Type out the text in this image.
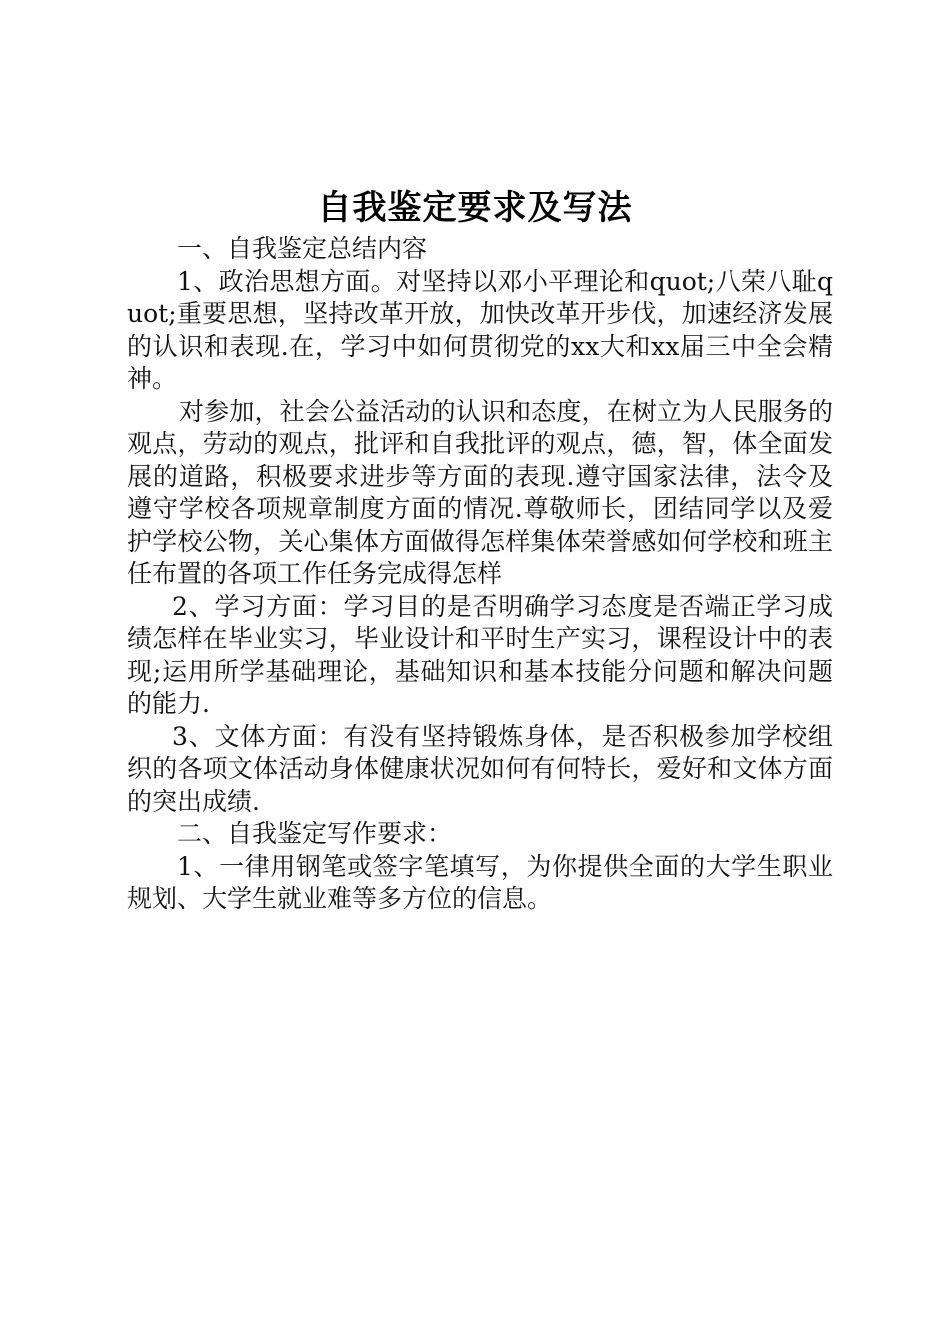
自我鉴定要求及写法

一、自我鉴定总结内容

1、政治思想方面。对坚持以邓小平理论和quot;八荣八耻quot;重要思想，坚持改革开放，加快改革开步伐，加速经济发展的认识和表现.在，学习中如何贯彻党的xx大和xx届三中全会精神。

对参加，社会公益活动的认识和态度，在树立为人民服务的观点，劳动的观点，批评和自我批评的观点，德，智，体全面发展的道路，积极要求进步等方面的表现.遵守国家法律，法令及遵守学校各项规章制度方面的情况.尊敬师长，团结同学以及爱护学校公物，关心集体方面做得怎样集体荣誉感如何学校和班主任布置的各项工作任务完成得怎样

2、学习方面：学习目的是否明确学习态度是否端正学习成绩怎样在毕业实习，毕业设计和平时生产实习，课程设计中的表现;运用所学基础理论，基础知识和基本技能分问题和解决问题的能力.

3、文体方面：有没有坚持锻炼身体，是否积极参加学校组织的各项文体活动身体健康状况如何有何特长，爱好和文体方面的突出成绩.

二、自我鉴定写作要求：

1、一律用钢笔或签字笔填写，为你提供全面的大学生职业规划、大学生就业难等多方位的信息。
